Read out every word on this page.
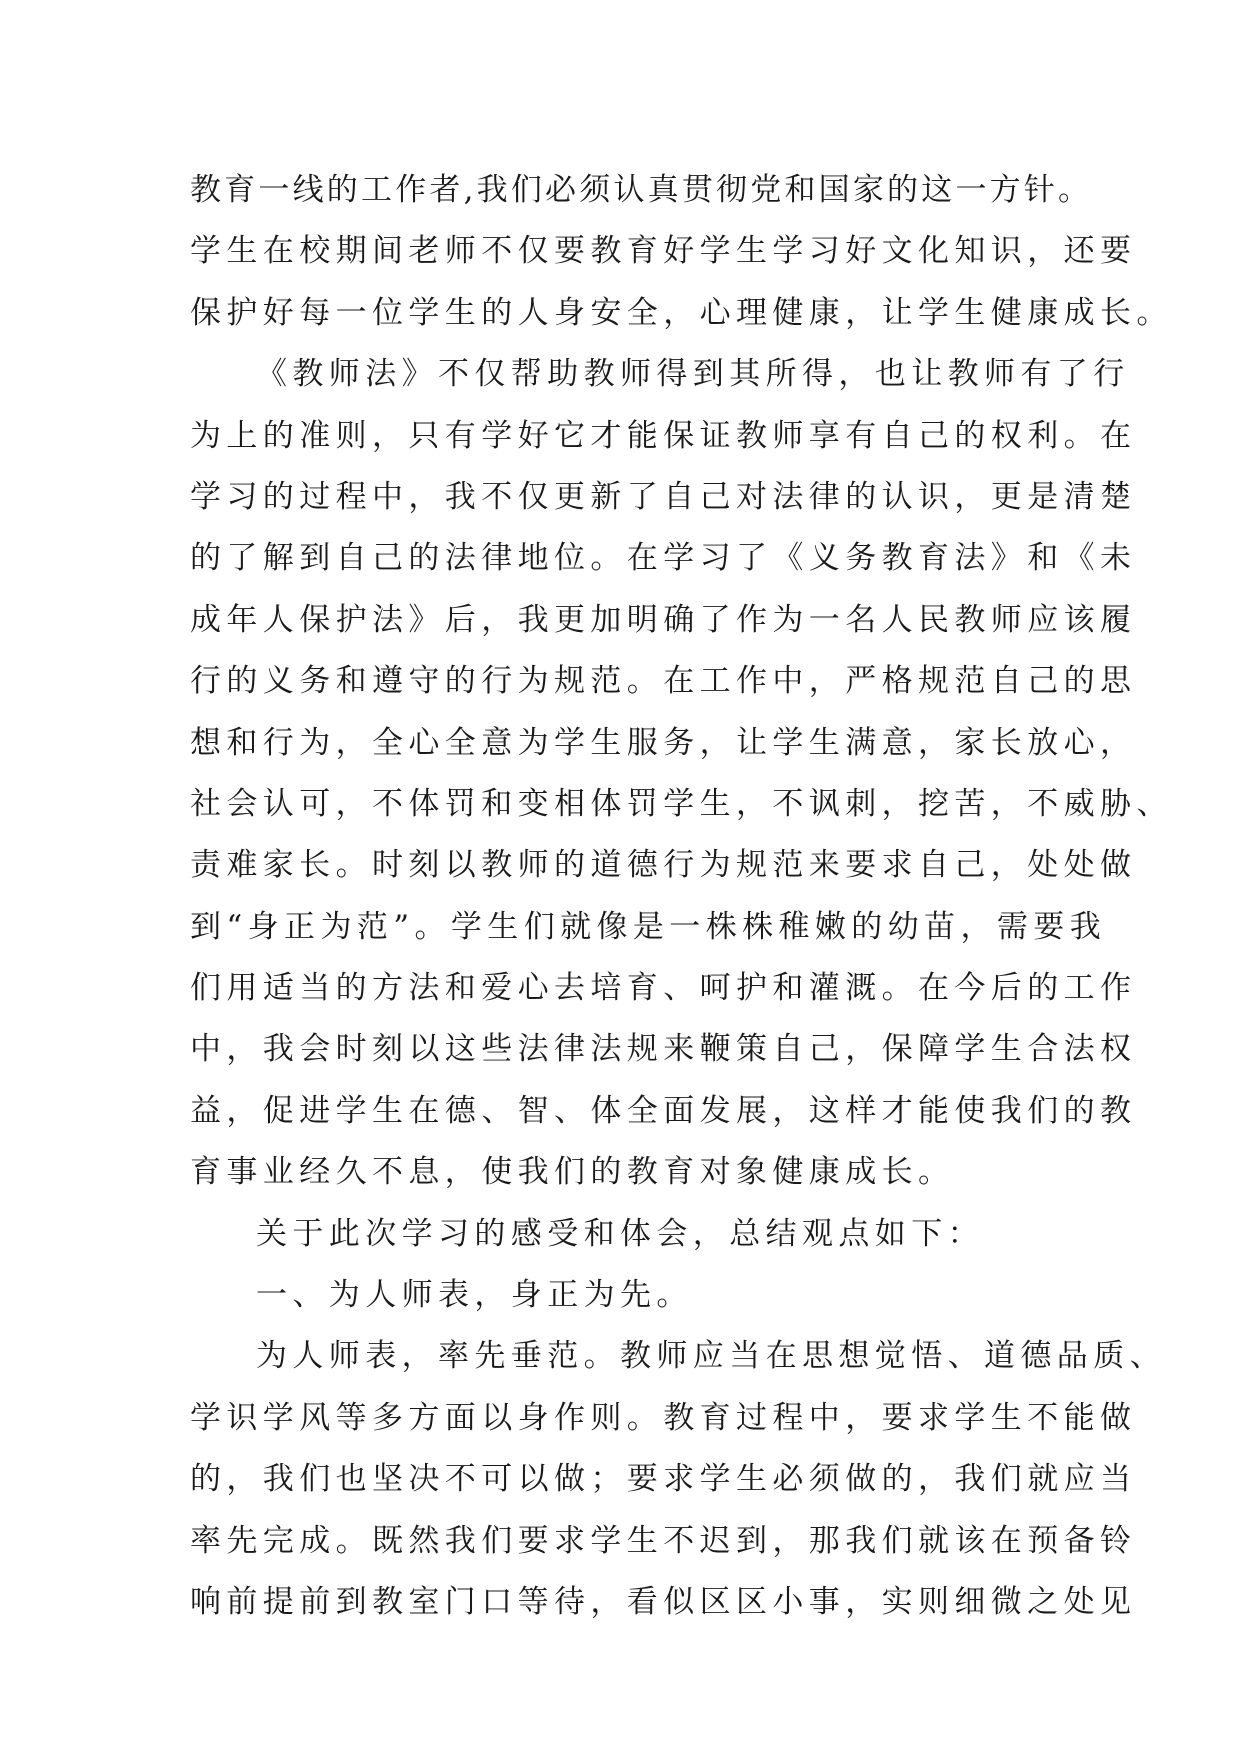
教育一线的工作者,我们必须认真贯彻党和国家的这一方针。
学生在校期间老师不仅要教育好学生学习好文化知识，还要
保护好每一位学生的人身安全，心理健康，让学生健康成长。
《教师法》不仅帮助教师得到其所得，也让教师有了行
为上的准则，只有学好它才能保证教师享有自己的权利。在
学习的过程中，我不仅更新了自己对法律的认识，更是清楚
的了解到自己的法律地位。在学习了《义务教育法》和《未
成年人保护法》后，我更加明确了作为一名人民教师应该履
行的义务和遵守的行为规范。在工作中，严格规范自己的思
想和行为，全心全意为学生服务，让学生满意，家长放心，
社会认可，不体罚和变相体罚学生，不讽刺，挖苦，不威胁、
责难家长。时刻以教师的道德行为规范来要求自己，处处做
到“身正为范”。学生们就像是一株株稚嫩的幼苗，需要我
们用适当的方法和爱心去培育、呵护和灌溉。在今后的工作
中，我会时刻以这些法律法规来鞭策自己，保障学生合法权
益，促进学生在德、智、体全面发展，这样才能使我们的教
育事业经久不息，使我们的教育对象健康成长。
关于此次学习的感受和体会，总结观点如下：
一、为人师表，身正为先。
为人师表，率先垂范。教师应当在思想觉悟、道德品质、
学识学风等多方面以身作则。教育过程中，要求学生不能做
的，我们也坚决不可以做；要求学生必须做的，我们就应当
率先完成。既然我们要求学生不迟到，那我们就该在预备铃
响前提前到教室门口等待，看似区区小事，实则细微之处见
